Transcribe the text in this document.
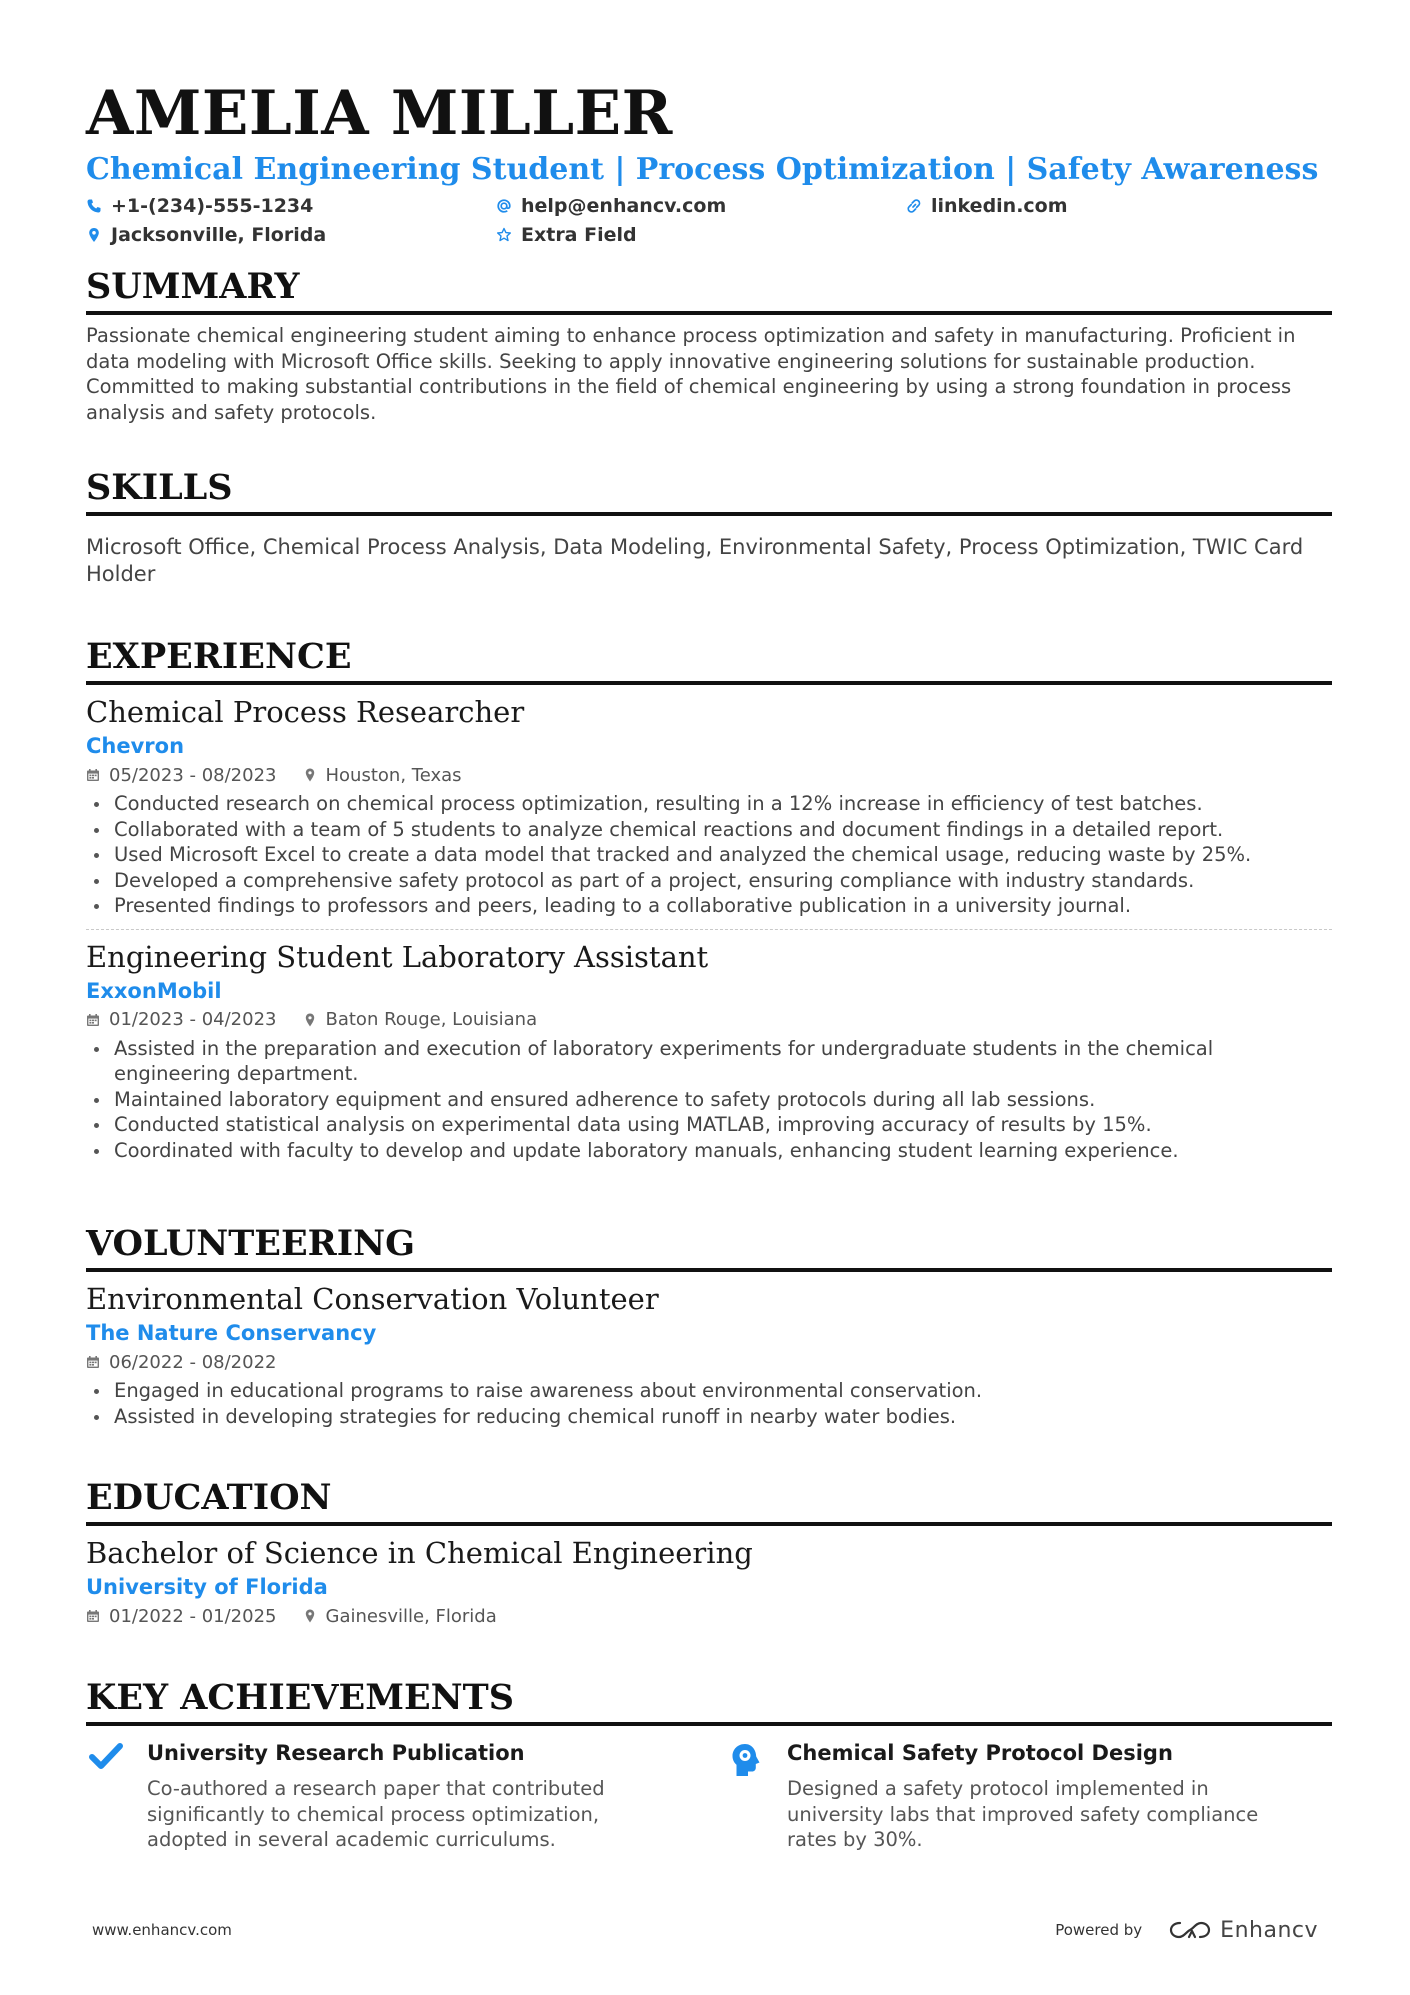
AMELIA MILLER

Chemical Engineering Student | Process Optimization | Safety Awareness

+1-(234)-555-1234	help@enhancv.com	linkedin.com
Jacksonville, Florida	Extra Field
SUMMARY

Passionate chemical engineering student aiming to enhance process optimization and safety in manufacturing. Proficient in data modeling with Microsoft Office skills. Seeking to apply innovative engineering solutions for sustainable production. Committed to making substantial contributions in the field of chemical engineering by using a strong foundation in process analysis and safety protocols.

SKILLS

Microsoft Office, Chemical Process Analysis, Data Modeling, Environmental Safety, Process Optimization, TWIC Card Holder

EXPERIENCE

Chemical Process Researcher

Chevron

05/2023 - 08/2023	Houston, Texas
Conducted research on chemical process optimization, resulting in a 12% increase in efficiency of test batches.
Collaborated with a team of 5 students to analyze chemical reactions and document findings in a detailed report.
Used Microsoft Excel to create a data model that tracked and analyzed the chemical usage, reducing waste by 25%.
Developed a comprehensive safety protocol as part of a project, ensuring compliance with industry standards.
Presented findings to professors and peers, leading to a collaborative publication in a university journal.

Engineering Student Laboratory Assistant

ExxonMobil

01/2023 - 04/2023	Baton Rouge, Louisiana
Assisted in the preparation and execution of laboratory experiments for undergraduate students in the chemical engineering department.
Maintained laboratory equipment and ensured adherence to safety protocols during all lab sessions.
Conducted statistical analysis on experimental data using MATLAB, improving accuracy of results by 15%.
Coordinated with faculty to develop and update laboratory manuals, enhancing student learning experience.
VOLUNTEERING

Environmental Conservation Volunteer

The Nature Conservancy

06/2022 - 08/2022
Engaged in educational programs to raise awareness about environmental conservation.
Assisted in developing strategies for reducing chemical runoff in nearby water bodies.
EDUCATION

Bachelor of Science in Chemical Engineering

University of Florida

01/2022 - 01/2025	Gainesville, Florida
KEY ACHIEVEMENTS

University Research Publication

Co-authored a research paper that contributed significantly to chemical process optimization, adopted in several academic curriculums.

Chemical Safety Protocol Design

Designed a safety protocol implemented in university labs that improved safety compliance rates by 30%.

www.enhancv.com	Powered by	Enhancv
